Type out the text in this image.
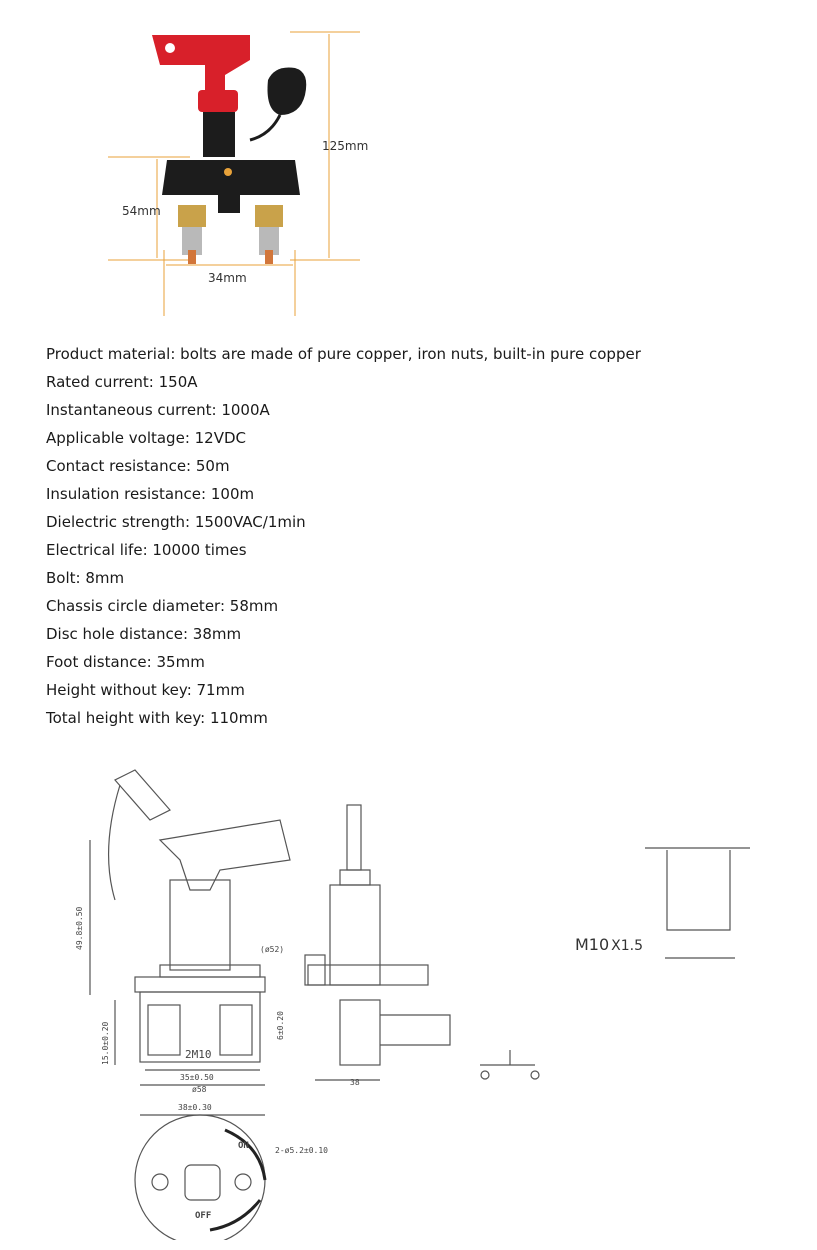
125mm
54mm
34mm
Product material: bolts are made of pure copper, iron nuts, built-in pure copper
Rated current: 150A
Instantaneous current: 1000A
Applicable voltage: 12VDC
Contact resistance: 50m
Insulation resistance: 100m
Dielectric strength: 1500VAC/1min
Electrical life: 10000 times
Bolt: 8mm
Chassis circle diameter: 58mm
Disc hole distance: 38mm
Foot distance: 35mm
Height without key: 71mm
Total height with key: 110mm
49.8±0.50
15.0±0.20	2M10
35±0.50
ø58
(ø52)
6±0.20
38
38±0.30
2-ø5.2±0.10
ON
OFF
M10 X1.5
